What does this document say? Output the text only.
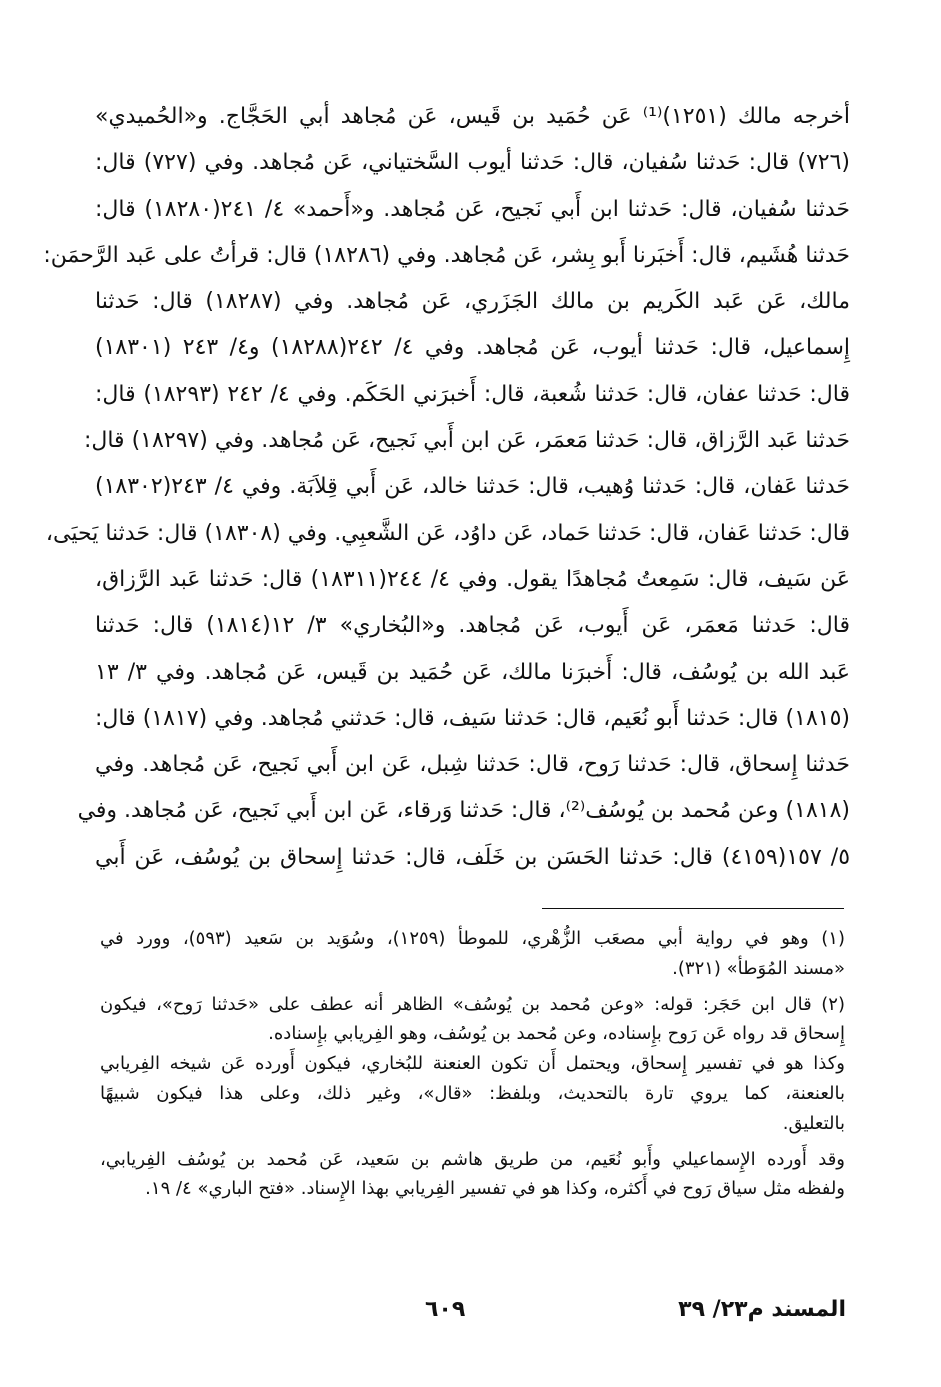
أخرجه مالك (١٢٥١)⁽¹⁾ عَن حُمَيد بن قَيس، عَن مُجاهد أبي الحَجَّاج. و«الحُميدي»
(٧٢٦) قال: حَدثنا سُفيان، قال: حَدثنا أيوب السَّختياني، عَن مُجاهد. وفي (٧٢٧) قال:
حَدثنا سُفيان، قال: حَدثنا ابن أَبي نَجيح، عَن مُجاهد. و«أَحمد» ٤/ ٢٤١(١٨٢٨٠) قال:
حَدثنا هُشَيم، قال: أَخبَرنا أَبو بِشر، عَن مُجاهد. وفي (١٨٢٨٦) قال: قرأتُ على عَبد الرَّحمَن:
مالك، عَن عَبد الكَريم بن مالك الجَزَري، عَن مُجاهد. وفي (١٨٢٨٧) قال: حَدثنا
إِسماعيل، قال: حَدثنا أيوب، عَن مُجاهد. وفي ٤/ ٢٤٢(١٨٢٨٨) و٤/ ٢٤٣ (١٨٣٠١)
قال: حَدثنا عفان، قال: حَدثنا شُعبة، قال: أَخبرَني الحَكَم. وفي ٤/ ٢٤٢ (١٨٢٩٣) قال:
حَدثنا عَبد الرَّزاق، قال: حَدثنا مَعمَر، عَن ابن أَبي نَجيح، عَن مُجاهد. وفي (١٨٢٩٧) قال:
حَدثنا عَفان، قال: حَدثنا وُهيب، قال: حَدثنا خالد، عَن أَبي قِلاَبَة. وفي ٤/ ٢٤٣(١٨٣٠٢)
قال: حَدثنا عَفان، قال: حَدثنا حَماد، عَن داوُد، عَن الشَّعبِي. وفي (١٨٣٠٨) قال: حَدثنا يَحيَى،
عَن سَيف، قال: سَمِعتُ مُجاهدًا يقول. وفي ٤/ ٢٤٤(١٨٣١١) قال: حَدثنا عَبد الرَّزاق،
قال: حَدثنا مَعمَر، عَن أَيوب، عَن مُجاهد. و«البُخاري» ٣/ ١٢(١٨١٤) قال: حَدثنا
عَبد الله بن يُوسُف، قال: أَخبرَنا مالك، عَن حُمَيد بن قَيس، عَن مُجاهد. وفي ٣/ ١٣
(١٨١٥) قال: حَدثنا أَبو نُعَيم، قال: حَدثنا سَيف، قال: حَدثني مُجاهد. وفي (١٨١٧) قال:
حَدثنا إِسحاق، قال: حَدثنا رَوح، قال: حَدثنا شِبل، عَن ابن أَبي نَجيح، عَن مُجاهد. وفي
(١٨١٨) وعن مُحمد بن يُوسُف⁽²⁾، قال: حَدثنا وَرقاء، عَن ابن أَبي نَجيح، عَن مُجاهد. وفي
٥/ ١٥٧(٤١٥٩) قال: حَدثنا الحَسَن بن خَلَف، قال: حَدثنا إِسحاق بن يُوسُف، عَن أَبي
(١) وهو في رواية أبي مصعَب الزُّهْري، للموطأ (١٢٥٩)، وسُوَيد بن سَعيد (٥٩٣)، وورد في
«مسند المُوَطأ» (٣٢١).
(٢) قال ابن حَجَر: قوله: «وعن مُحمد بن يُوسُف» الظاهر أنه عطف على «حَدثنا رَوح»، فيكون
إِسحاق قد رواه عَن رَوح بإِسناده، وعن مُحمد بن يُوسُف، وهو الفِريابي بإِسناده.
وكذا هو في تفسير إِسحاق، ويحتمل أَن تكون العنعنة للبُخاري، فيكون أَورده عَن شيخه الفِريابي
بالعنعنة، كما يروي تارة بالتحديث، وبلفظ: «قال»، وغير ذلك، وعلى هذا فيكون شبيهًا
بالتعليق.
وقد أَورده الإِسماعيلي وأَبو نُعَيم، من طريق هاشم بن سَعيد، عَن مُحمد بن يُوسُف الفِريابي،
ولفظه مثل سياق رَوح في أَكثره، وكذا هو في تفسير الفِريابي بهذا الإِسناد. «فتح الباري» ٤/ ١٩.
المسند م٢٣/ ٣٩
٦٠٩
